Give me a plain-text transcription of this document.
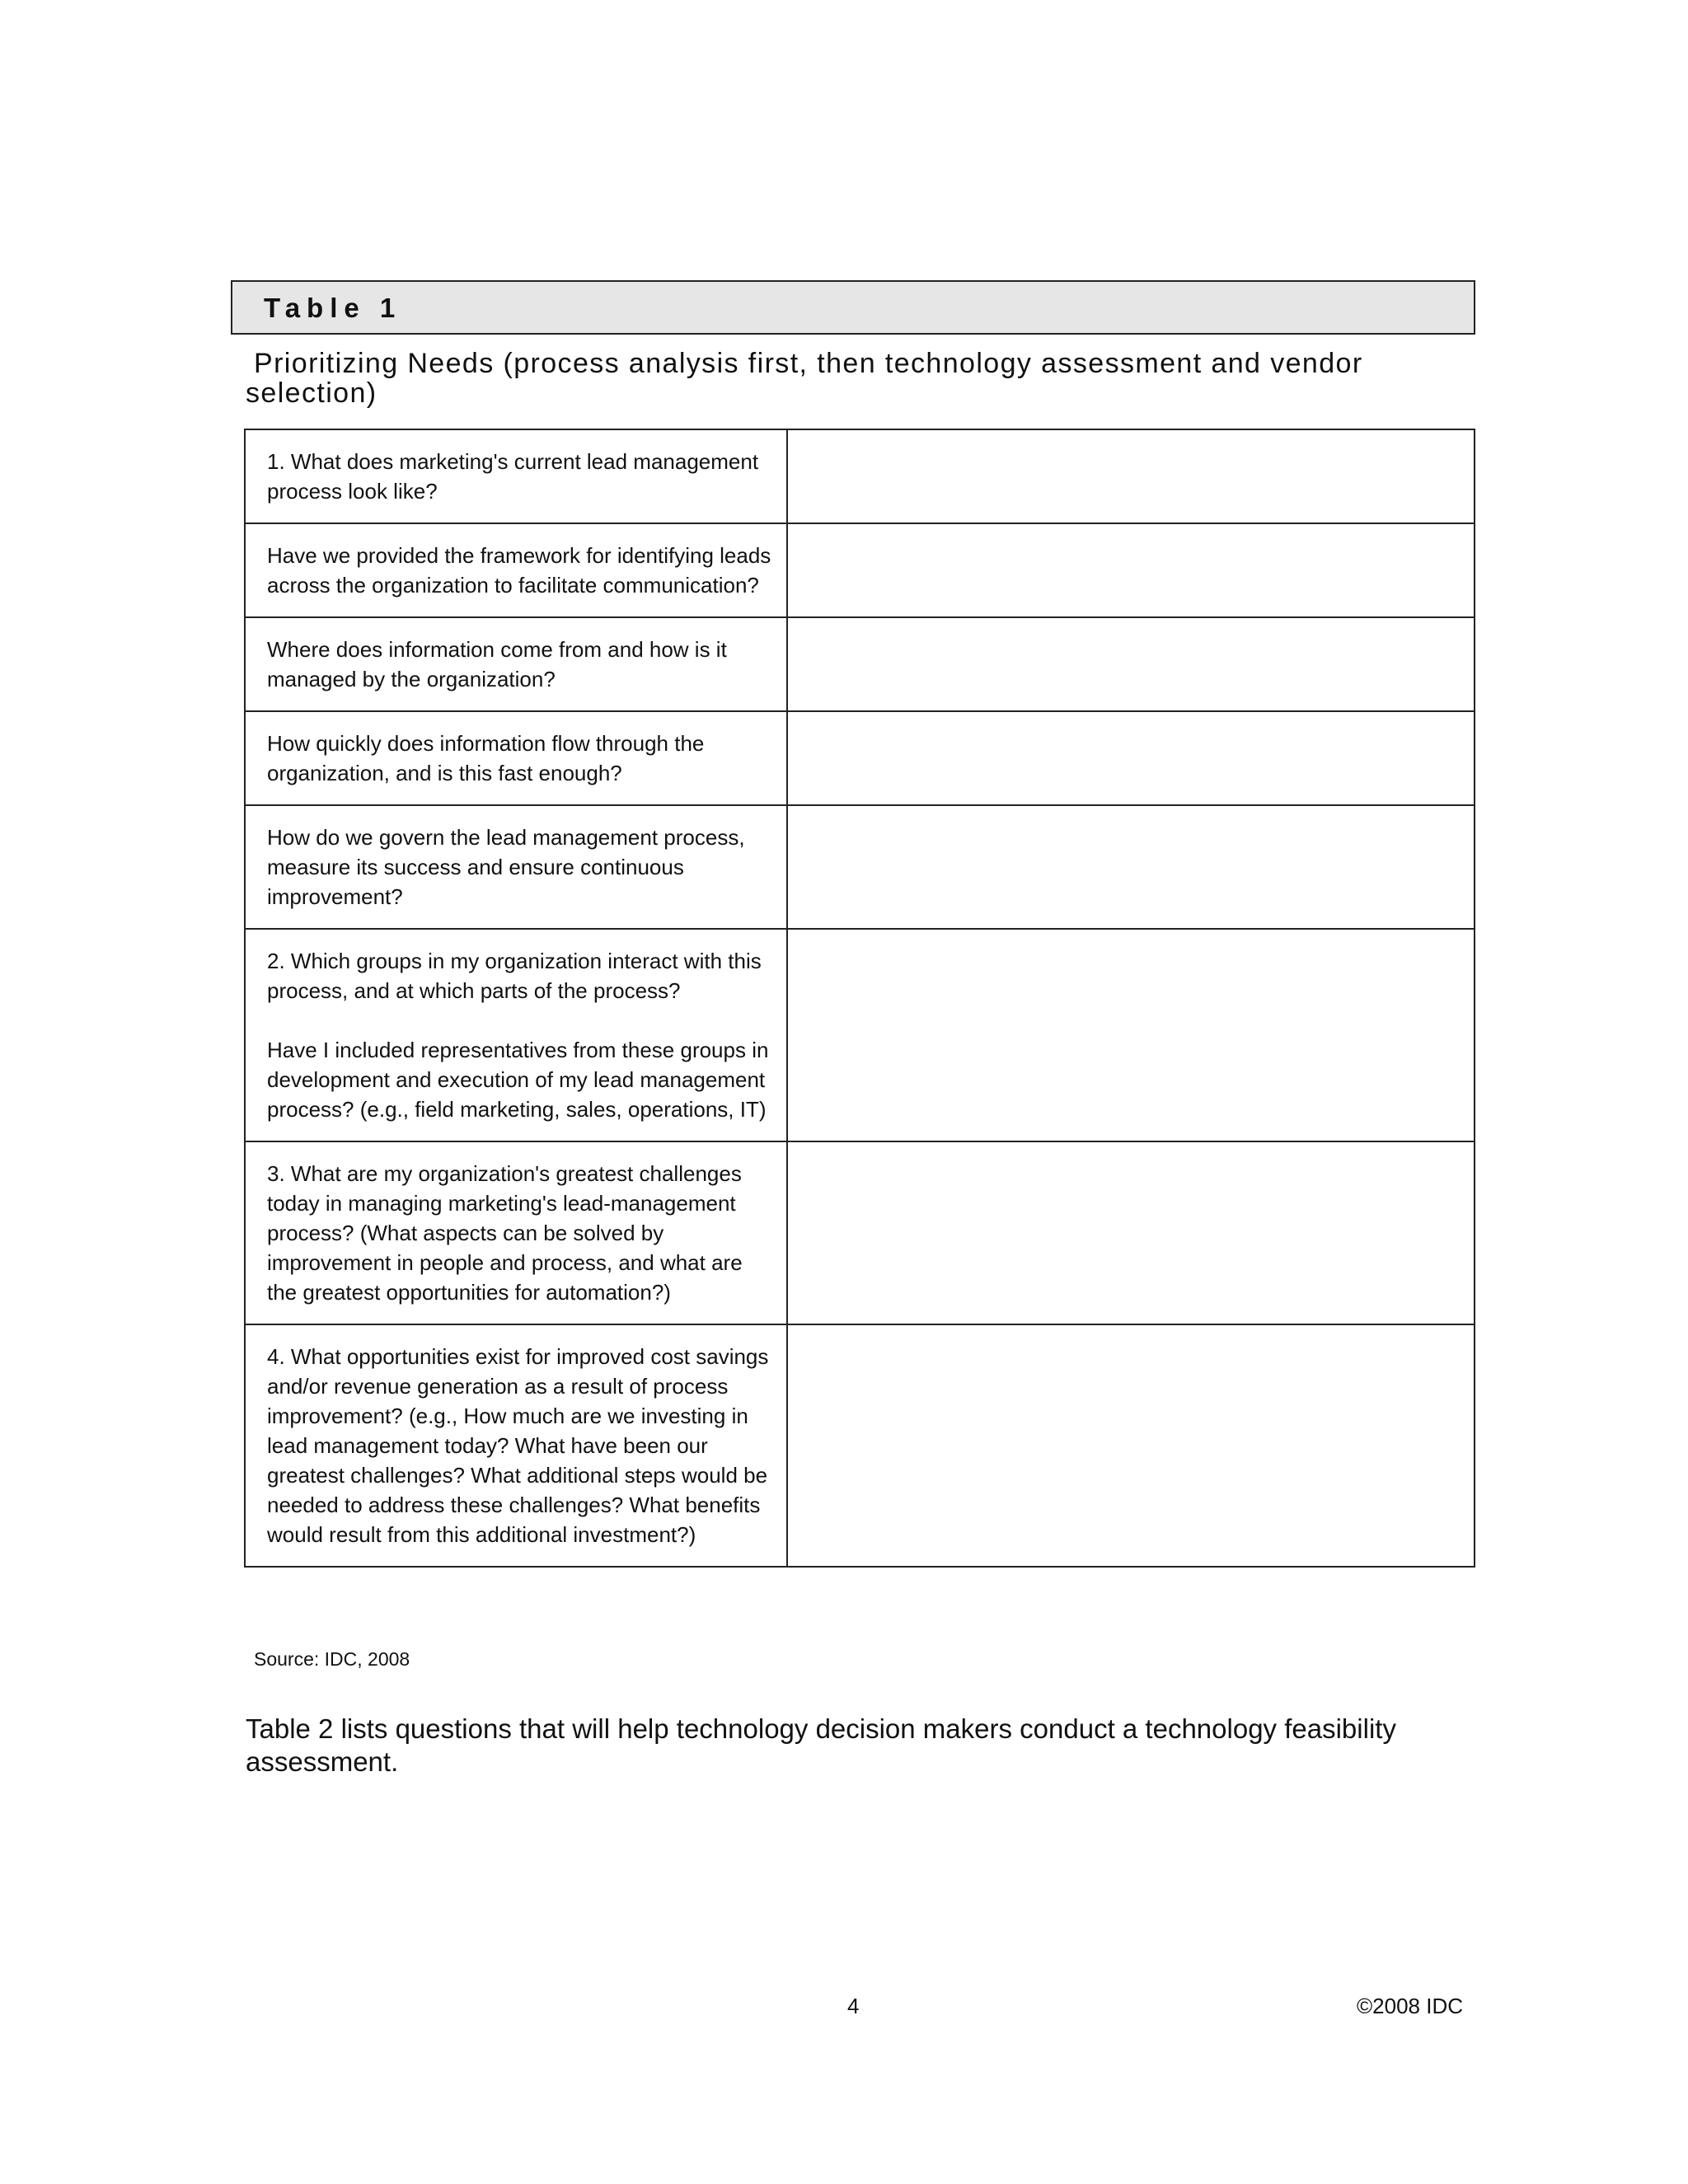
Table 1
Prioritizing Needs (process analysis first, then technology assessment and vendor selection)

1. What does marketing's current lead management process look like?	

Have we provided the framework for identifying leads across the organization to facilitate communication?	

Where does information come from and how is it managed by the organization?	

How quickly does information flow through the organization, and is this fast enough?	

How do we govern the lead management process, measure its success and ensure continuous improvement?	

2. Which groups in my organization interact with this process, and at which parts of the process?

Have I included representatives from these groups in development and execution of my lead management process? (e.g., field marketing, sales, operations, IT)	

3. What are my organization's greatest challenges today in managing marketing's lead-management process? (What aspects can be solved by improvement in people and process, and what are the greatest opportunities for automation?)	

4. What opportunities exist for improved cost savings and/or revenue generation as a result of process improvement? (e.g., How much are we investing in lead management today? What have been our greatest challenges? What additional steps would be needed to address these challenges? What benefits would result from this additional investment?)	

Source: IDC, 2008
Table 2 lists questions that will help technology decision makers conduct a technology feasibility assessment.
4	©2008 IDC
